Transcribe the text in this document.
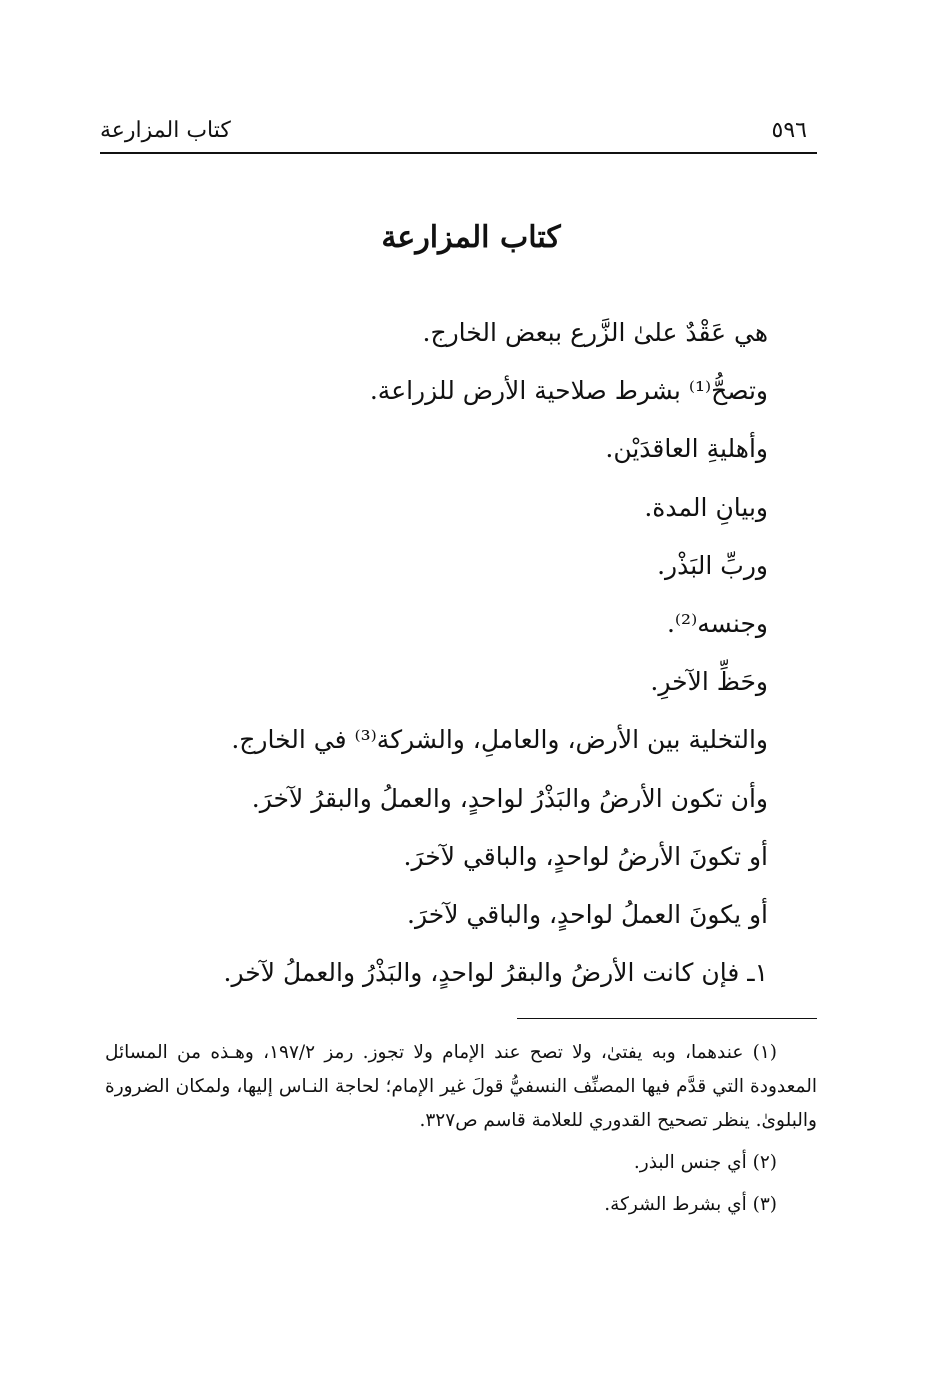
٥٩٦
كتاب المزارعة
كتاب المزارعة
هي عَقْدٌ علىٰ الزَّرع ببعض الخارج.
وتصحُّ⁽¹⁾ بشرط صلاحية الأرض للزراعة.
وأهليةِ العاقدَيْن.
وبيانِ المدة.
وربِّ البَذْر.
وجنسه⁽²⁾.
وحَظِّ الآخرِ.
والتخلية بين الأرض، والعاملِ، والشركة⁽³⁾ في الخارج.
وأن تكون الأرضُ والبَذْرُ لواحدٍ، والعملُ والبقرُ لآخرَ.
أو تكونَ الأرضُ لواحدٍ، والباقي لآخرَ.
أو يكونَ العملُ لواحدٍ، والباقي لآخرَ.
١ـ فإن كانت الأرضُ والبقرُ لواحدٍ، والبَذْرُ والعملُ لآخر.

(١) عندهما، وبه يفتىٰ، ولا تصح عند الإمام ولا تجوز. رمز ١٩٧/٢، وهـذه من المسائل المعدودة التي قدَّم فيها المصنِّف النسفيُّ قولَ غير الإمام؛ لحاجة النـاس إليها، ولمكان الضرورة والبلوىٰ. ينظر تصحيح القدوري للعلامة قاسم ص٣٢٧.

(٢) أي جنس البذر.

(٣) أي بشرط الشركة.
